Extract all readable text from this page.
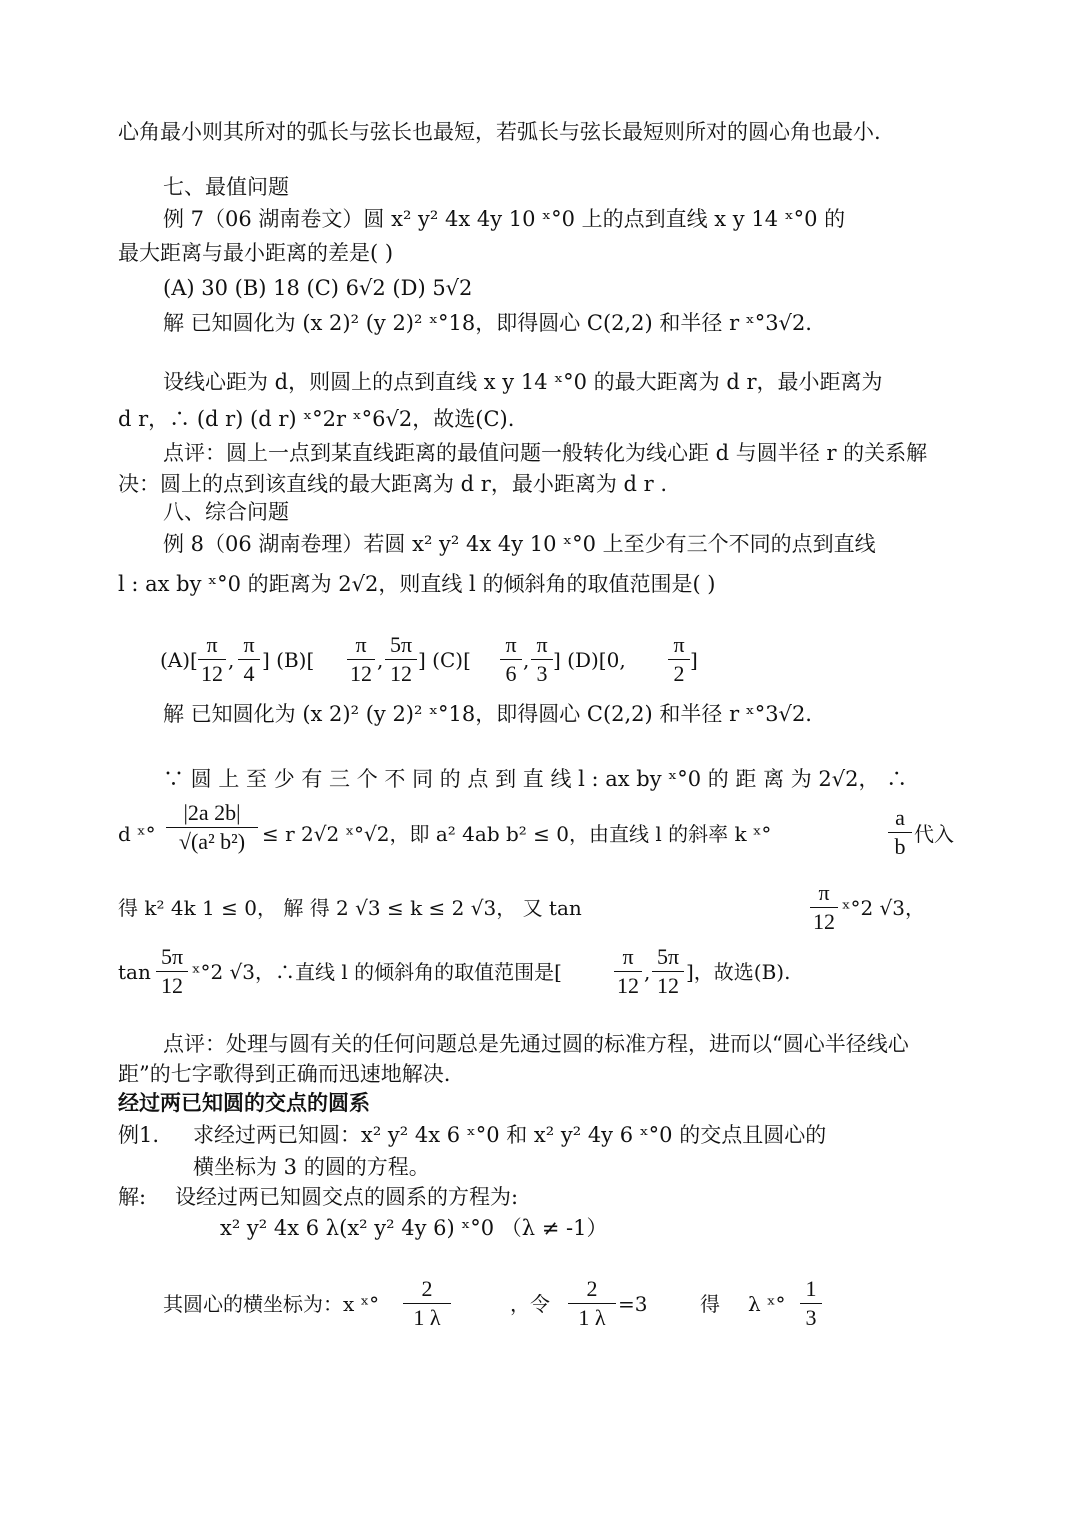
心角最小则其所对的弧长与弦长也最短，若弧长与弦长最短则所对的圆心角也最小.
七、最值问题
例 7（06 湖南卷文）圆 x² y² 4x 4y 10 ˣ°0 上的点到直线 x y 14 ˣ°0 的
最大距离与最小距离的差是( )
(A) 30 (B) 18 (C) 6√2 (D) 5√2
解 已知圆化为 (x 2)² (y 2)² ˣ°18，即得圆心 C(2,2) 和半径 r ˣ°3√2.
设线心距为 d，则圆上的点到直线 x y 14 ˣ°0 的最大距离为 d r，最小距离为
d r，∴ (d r) (d r) ˣ°2r ˣ°6√2，故选(C).
点评：圆上一点到某直线距离的最值问题一般转化为线心距 d 与圆半径 r 的关系解
决：圆上的点到该直线的最大距离为 d r，最小距离为 d r .
八、综合问题
例 8（06 湖南卷理）若圆 x² y² 4x 4y 10 ˣ°0 上至少有三个不同的点到直线
l : ax by ˣ°0 的距离为 2√2，则直线 l 的倾斜角的取值范围是( )
(A)[
π
12
,
π
4
] (B)[
π
12
,
5π
12
] (C)[
π
6
,
π
3
] (D)[0,
π
2
]
解 已知圆化为 (x 2)² (y 2)² ˣ°18，即得圆心 C(2,2) 和半径 r ˣ°3√2.
∵ 圆 上 至 少 有 三 个 不 同 的 点 到 直 线 l : ax by ˣ°0 的 距 离 为 2√2， ∴
d ˣ°
|2a 2b|
√(a² b²) ≤ r 2√2 ˣ°√2，即 a² 4ab b² ≤ 0，由直线 l 的斜率 k ˣ°
a
b 代入
得 k² 4k 1 ≤ 0， 解 得 2 √3 ≤ k ≤ 2 √3， 又 tan
π
12
ˣ°2 √3，
tan
5π
12
ˣ°2 √3，∴直线 l 的倾斜角的取值范围是[
π
12
,
5π
12
]，故选(B).
点评：处理与圆有关的任何问题总是先通过圆的标准方程，进而以“圆心半径线心
距”的七字歌得到正确而迅速地解决.
经过两已知圆的交点的圆系
例1. 求经过两已知圆：x² y² 4x 6 ˣ°0 和 x² y² 4y 6 ˣ°0 的交点且圆心的
横坐标为 3 的圆的方程。
解: 设经过两已知圆交点的圆系的方程为:
x² y² 4x 6 λ(x² y² 4y 6) ˣ°0 （λ ≠ -1）
其圆心的横坐标为：x ˣ°
2
1 λ
，令
2
1 λ
=3	得 λ ˣ°
1
3
